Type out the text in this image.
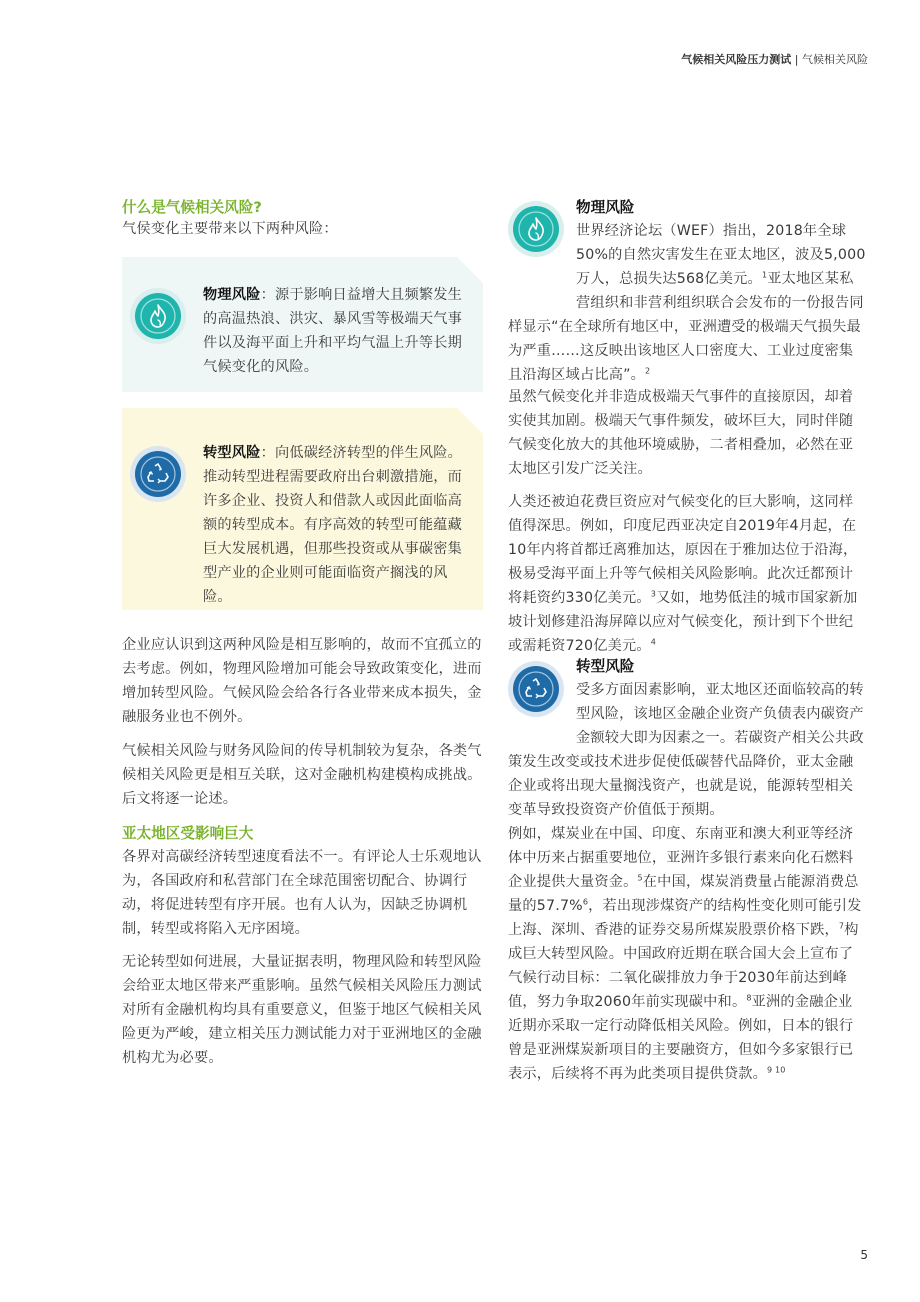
气候相关风险压力测试 | 气候相关风险
什么是气候相关风险?

气侯变化主要带来以下两种风险：

物理风险：源于影响日益增大且频繁发生的高温热浪、洪灾、暴风雪等极端天气事件以及海平面上升和平均气温上升等长期气候变化的风险。

转型风险：向低碳经济转型的伴生风险。推动转型进程需要政府出台刺激措施，而许多企业、投资人和借款人或因此面临高额的转型成本。有序高效的转型可能蕴藏巨大发展机遇，但那些投资或从事碳密集型产业的企业则可能面临资产搁浅的风险。

企业应认识到这两种风险是相互影响的，故而不宜孤立的去考虑。例如，物理风险增加可能会导致政策变化，进而增加转型风险。气候风险会给各行各业带来成本损失，金融服务业也不例外。

气候相关风险与财务风险间的传导机制较为复杂，各类气候相关风险更是相互关联，这对金融机构建模构成挑战。后文将逐一论述。

亚太地区受影响巨大

各界对高碳经济转型速度看法不一。有评论人士乐观地认为，各国政府和私营部门在全球范围密切配合、协调行动，将促进转型有序开展。也有人认为，因缺乏协调机制，转型或将陷入无序困境。

无论转型如何进展，大量证据表明，物理风险和转型风险会给亚太地区带来严重影响。虽然气候相关风险压力测试对所有金融机构均具有重要意义，但鉴于地区气候相关风险更为严峻，建立相关压力测试能力对于亚洲地区的金融机构尤为必要。

物理风险
世界经济论坛（WEF）指出，2018年全球50%的自然灾害发生在亚太地区，波及5,000万人，总损失达568亿美元。$^1$亚太地区某私营组织和非营利组织联合会发布的一份报告同样显示“在全球所有地区中，亚洲遭受的极端天气损失最为严重……这反映出该地区人口密度大、工业过度密集且沿海区域占比高”。$^2$

虽然气候变化并非造成极端天气事件的直接原因，却着实使其加剧。极端天气事件频发，破坏巨大，同时伴随气候变化放大的其他环境威胁，二者相叠加，必然在亚太地区引发广泛关注。

人类还被迫花费巨资应对气候变化的巨大影响，这同样值得深思。例如，印度尼西亚决定自2019年4月起，在10年内将首都迁离雅加达，原因在于雅加达位于沿海，极易受海平面上升等气候相关风险影响。此次迁都预计将耗资约330亿美元。$^3$又如，地势低洼的城市国家新加坡计划修建沿海屏障以应对气候变化，预计到下个世纪或需耗资720亿美元。$^4$

转型风险
受多方面因素影响，亚太地区还面临较高的转型风险，该地区金融企业资产负债表内碳资产金额较大即为因素之一。若碳资产相关公共政策发生改变或技术进步促使低碳替代品降价，亚太金融企业或将出现大量搁浅资产，也就是说，能源转型相关变革导致投资资产价值低于预期。

例如，煤炭业在中国、印度、东南亚和澳大利亚等经济体中历来占据重要地位，亚洲许多银行素来向化石燃料企业提供大量资金。$^5$在中国，煤炭消费量占能源消费总量的57.7%$^6$，若出现涉煤资产的结构性变化则可能引发上海、深圳、香港的证券交易所煤炭股票价格下跌，$^7$构成巨大转型风险。中国政府近期在联合国大会上宣布了气候行动目标：二氧化碳排放力争于2030年前达到峰值，努力争取2060年前实现碳中和。$^8$亚洲的金融企业近期亦采取一定行动降低相关风险。例如，日本的银行曾是亚洲煤炭新项目的主要融资方，但如今多家银行已表示，后续将不再为此类项目提供贷款。$^{9 10}$

5
